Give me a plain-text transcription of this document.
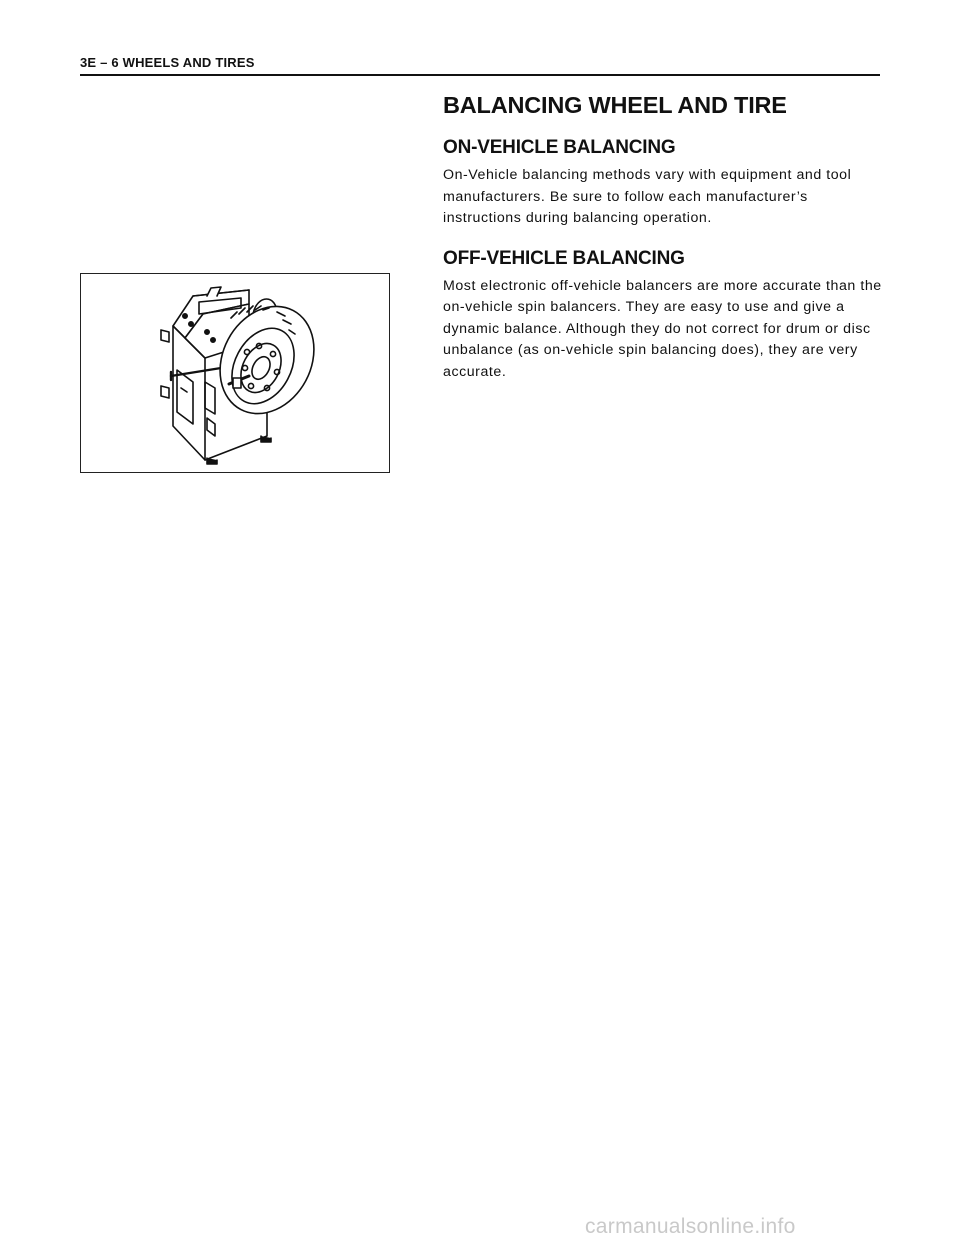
3E – 6 WHEELS AND TIRES
BALANCING WHEEL AND TIRE
ON-VEHICLE BALANCING

On-Vehicle balancing methods vary with equipment and tool manufacturers. Be sure to follow each manufacturer’s instructions during balancing operation.

OFF-VEHICLE BALANCING

Most electronic off-vehicle balancers are more accurate than the on-vehicle spin balancers. They are easy to use and give a dynamic balance. Although they do not correct for drum or disc unbalance (as on-vehicle spin balancing does), they are very accurate.

carmanualsonline.info
